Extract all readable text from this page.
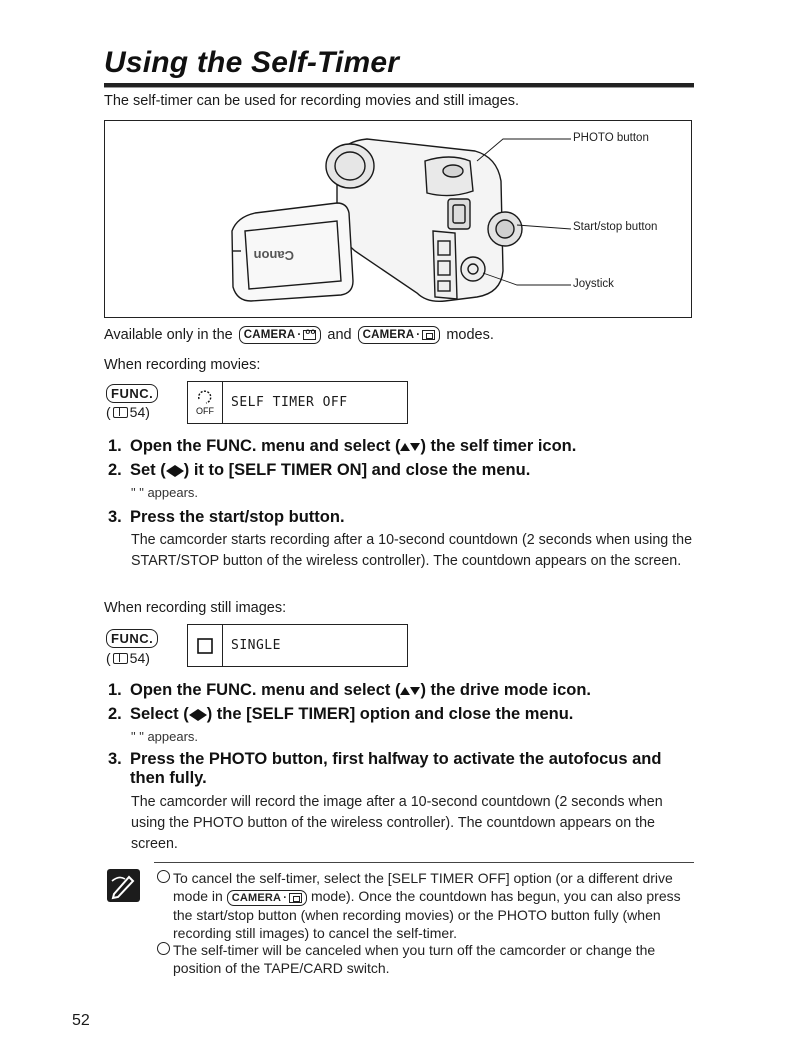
Using the Self-Timer
The self-timer can be used for recording movies and still images.
Canon
PHOTO button
Start/stop button
Joystick
Available only in the CAMERA ·
oo and CAMERA · modes.
When recording movies:
FUNC.
( 54)	OFF
SELF TIMER OFF
1. Open the FUNC. menu and select ( ) the self timer icon.
2. Set ( ) it to [SELF TIMER ON] and close the menu.
" " appears.
3. Press the start/stop button.
The camcorder starts recording after a 10-second countdown (2 seconds when using the START/STOP button of the wireless controller). The countdown appears on the screen.
When recording still images:
FUNC.
( 54)
SINGLE
1. Open the FUNC. menu and select ( ) the drive mode icon.
2. Select ( ) the [SELF TIMER] option and close the menu.
" " appears.
3. Press the PHOTO button, first halfway to activate the autofocus and
then fully.
The camcorder will record the image after a 10-second countdown (2 seconds when using the PHOTO button of the wireless controller). The countdown appears on the screen.
To cancel the self-timer, select the [SELF TIMER OFF] option (or a different drive mode in CAMERA · mode). Once the countdown has begun, you can also press the start/stop button (when recording movies) or the PHOTO button fully (when recording still images) to cancel the self-timer.
The self-timer will be canceled when you turn off the camcorder or change the position of the TAPE/CARD switch.
52
